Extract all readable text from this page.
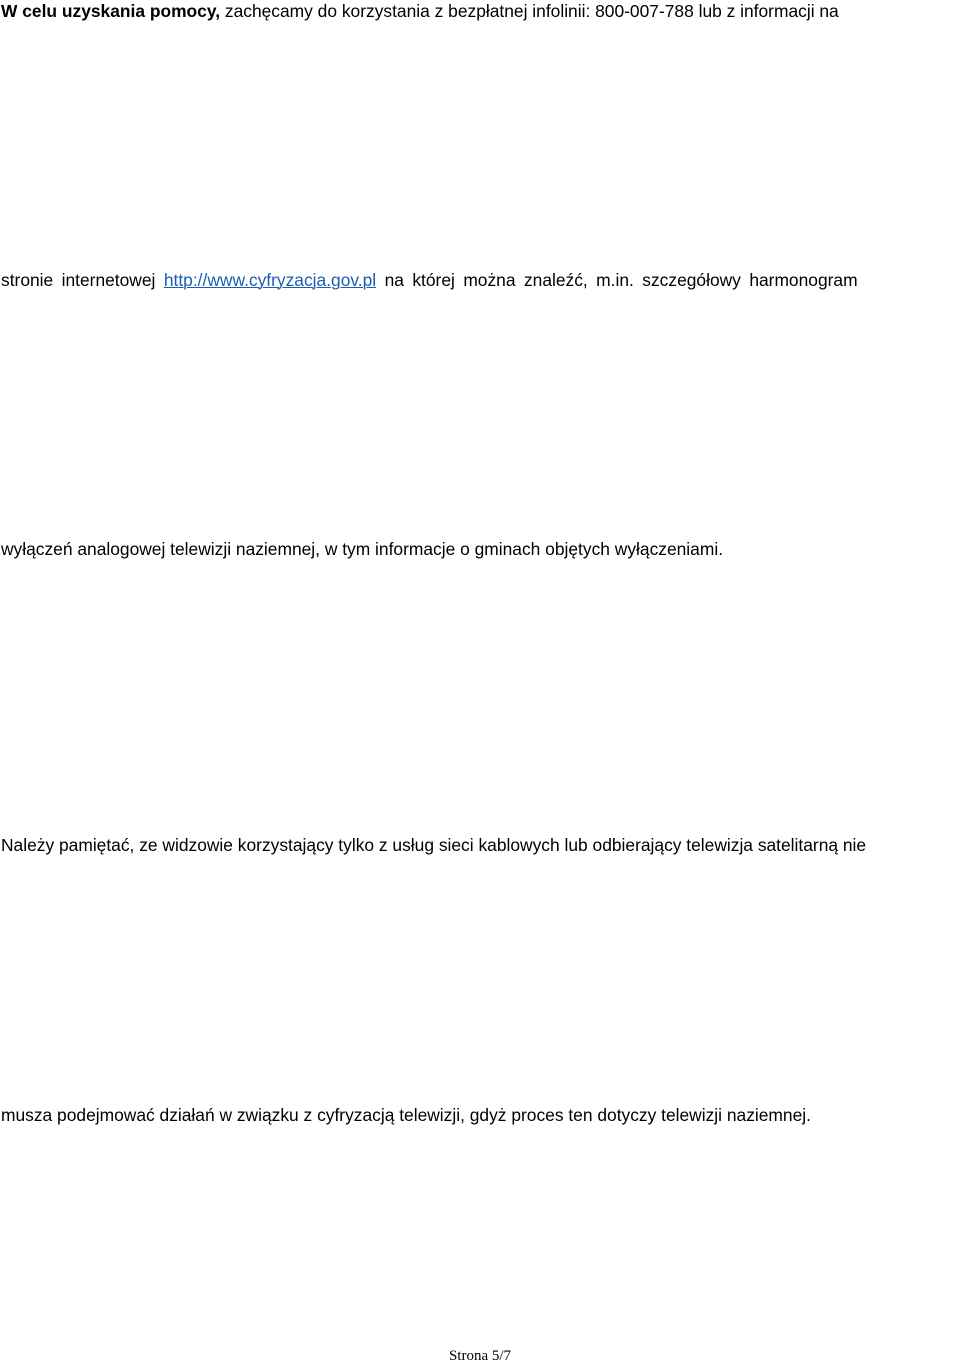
W celu uzyskania pomocy, zachęcamy do korzystania z bezpłatnej infolinii: 800-007-788 lub z informacji na
stronie internetowej http://www.cyfryzacja.gov.pl na której można znaleźć, m.in. szczegółowy harmonogram
wyłączeń analogowej telewizji naziemnej, w tym informacje o gminach objętych wyłączeniami.
Należy pamiętać, ze widzowie korzystający tylko z usług sieci kablowych lub odbierający telewizja satelitarną nie
musza podejmować działań w związku z cyfryzacją telewizji, gdyż proces ten dotyczy telewizji naziemnej.
Strona 5/7
